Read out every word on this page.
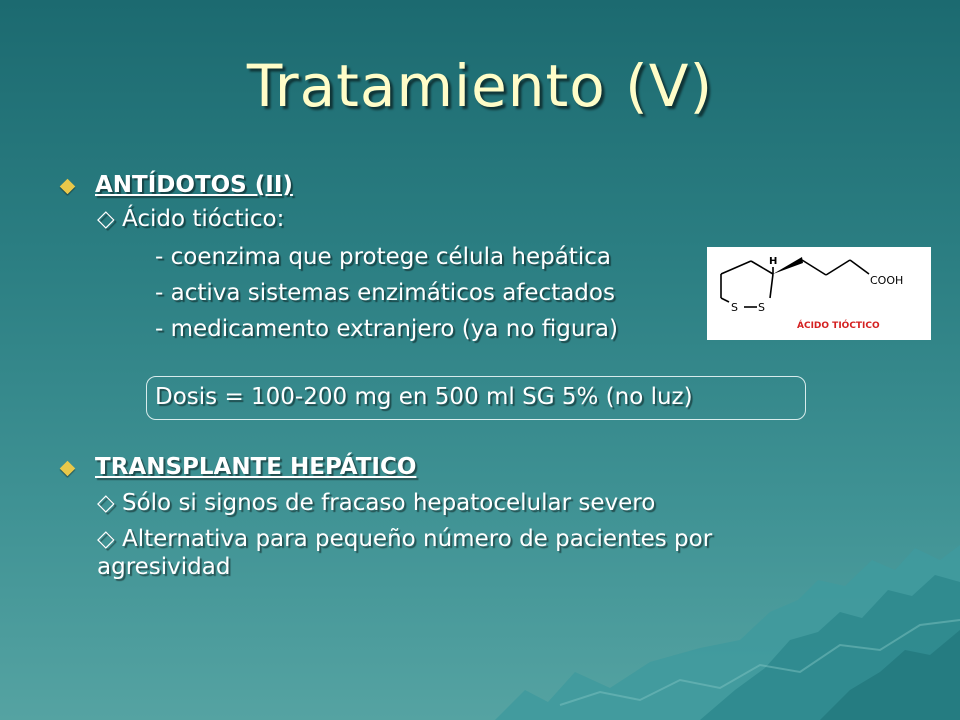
Tratamiento (V)
ANTÍDOTOS (II)
◇ Ácido tióctico:
- coenzima que protege célula hepática
- activa sistemas enzimáticos afectados
- medicamento extranjero (ya no figura)
Dosis = 100-200 mg en 500 ml SG 5% (no luz)
TRANSPLANTE HEPÁTICO
◇ Sólo si signos de fracaso hepatocelular severo
◇ Alternativa para pequeño número de pacientes por
agresividad
H
COOH
S S
ÁCIDO TIÓCTICO
